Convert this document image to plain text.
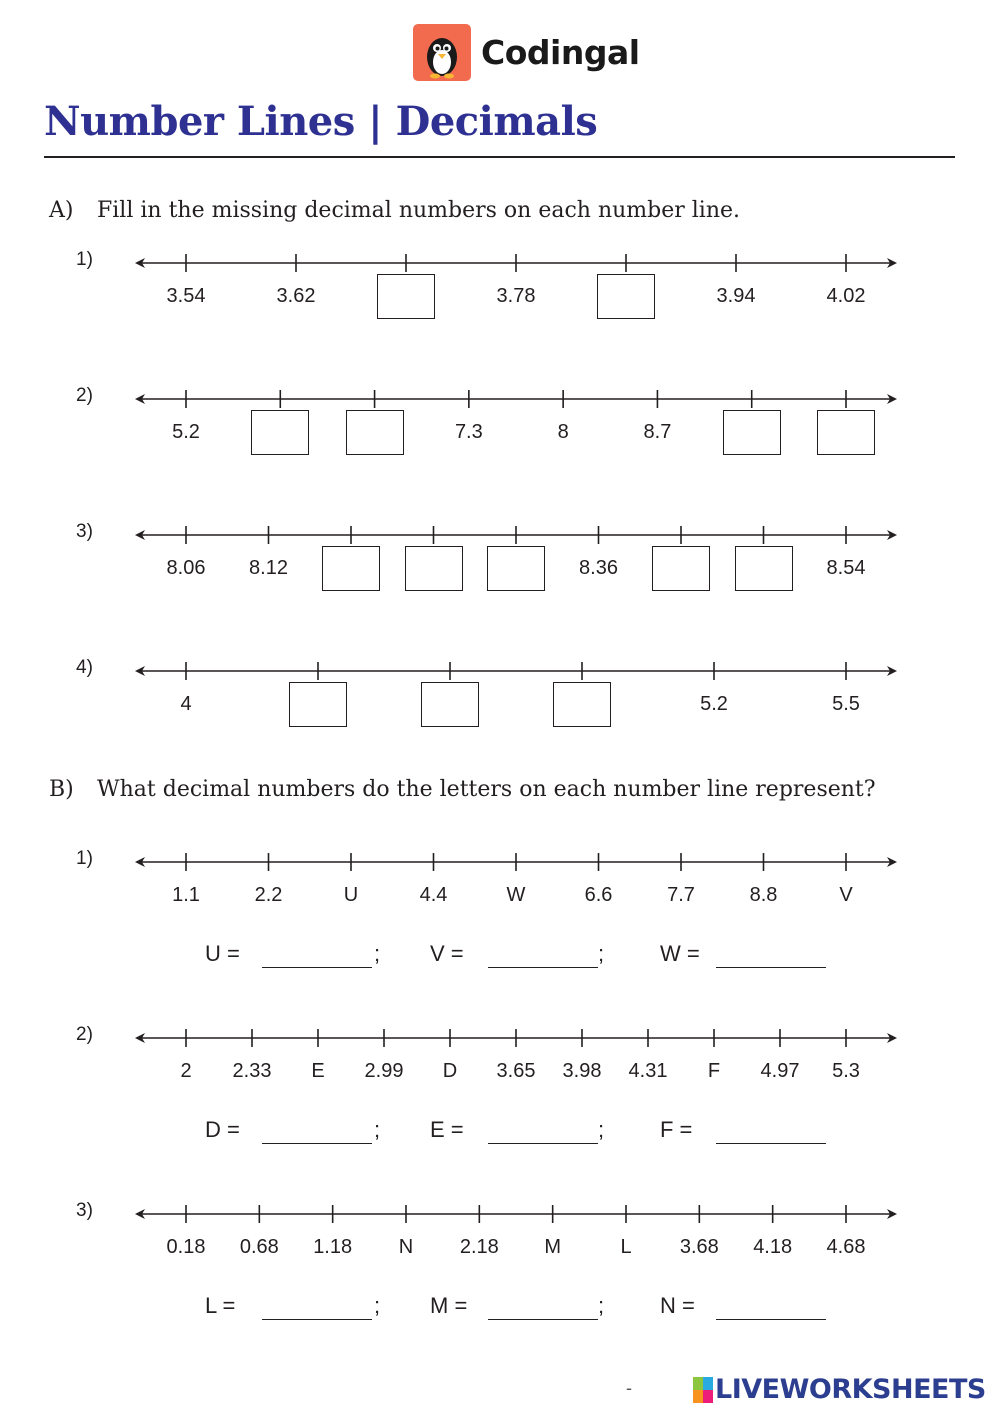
Codingal
Number Lines | Decimals
A) Fill in the missing decimal numbers on each number line.
B) What decimal numbers do the letters on each number line represent?
1)
3.54	3.62	3.78	3.94	4.02
2)
5.2	7.3	8	8.7
3)
8.06 8.12	8.36	8.54
4)
4	5.2	5.5
1)
1.1	2.2	U	4.4	W	6.6	7.7	8.8	V
U =	; V =	;	W =
2)
2 2.33 E 2.99 D 3.65 3.98 4.31 F 4.97 5.3
D =	; E =	;	F =
3)
0.18 0.68 1.18 N 2.18 M	L 3.68 4.18 4.68
L =	; M =	;	N =
-	LIVEWORKSHEETS
